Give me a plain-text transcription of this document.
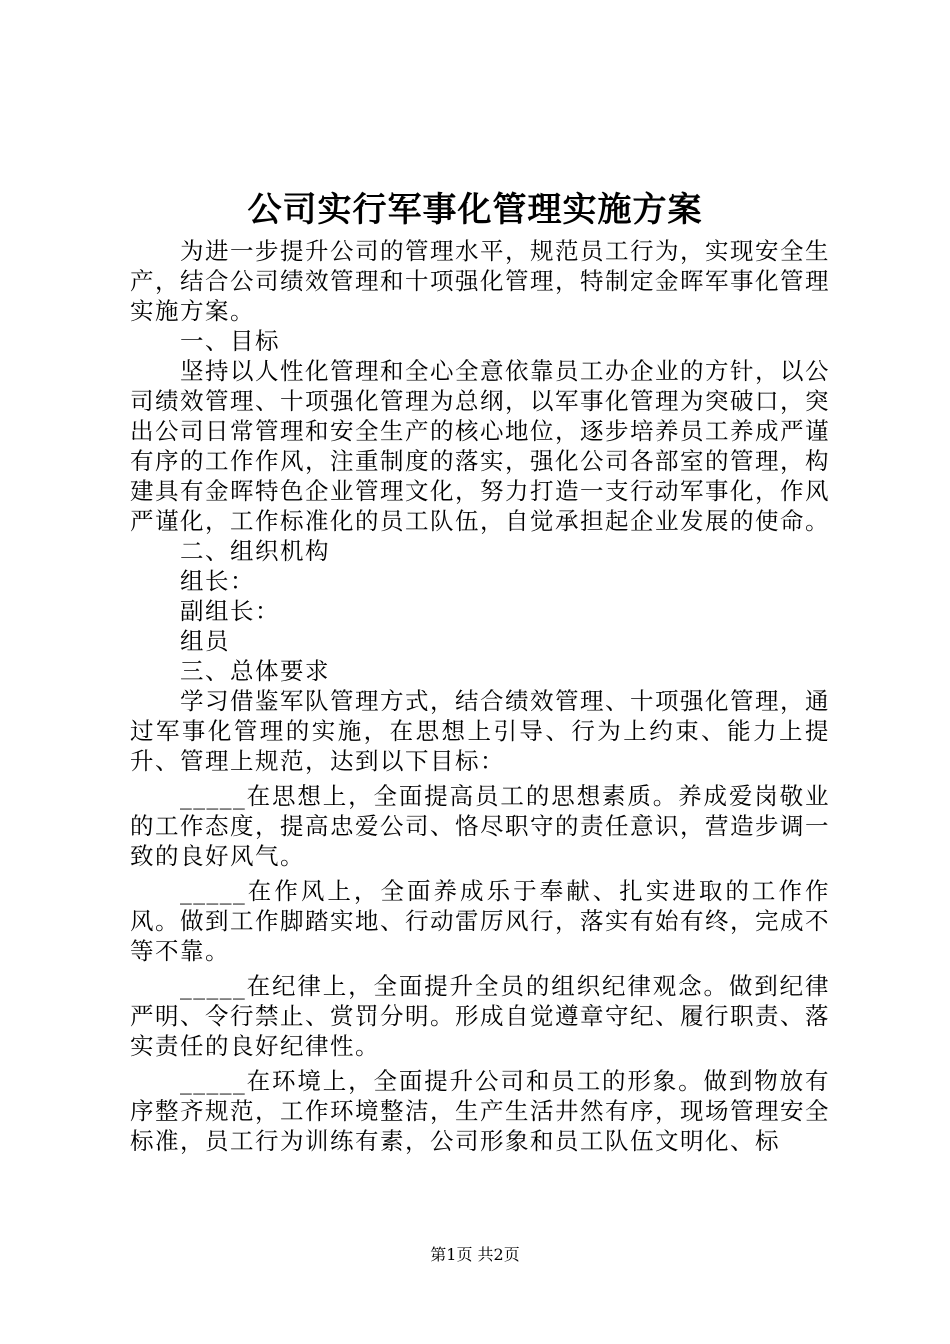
公司实行军事化管理实施方案

为进一步提升公司的管理水平，规范员工行为，实现安全生产，结合公司绩效管理和十项强化管理，特制定金晖军事化管理实施方案。

一、目标

坚持以人性化管理和全心全意依靠员工办企业的方针，以公司绩效管理、十项强化管理为总纲，以军事化管理为突破口，突出公司日常管理和安全生产的核心地位，逐步培养员工养成严谨有序的工作作风，注重制度的落实，强化公司各部室的管理，构建具有金晖特色企业管理文化，努力打造一支行动军事化，作风严谨化，工作标准化的员工队伍，自觉承担起企业发展的使命。

二、组织机构

组长：

副组长：

组员

三、总体要求

学习借鉴军队管理方式，结合绩效管理、十项强化管理，通过军事化管理的实施，在思想上引导、行为上约束、能力上提升、管理上规范，达到以下目标：

_____在思想上，全面提高员工的思想素质。养成爱岗敬业的工作态度，提高忠爱公司、恪尽职守的责任意识，营造步调一致的良好风气。

_____在作风上，全面养成乐于奉献、扎实进取的工作作风。做到工作脚踏实地、行动雷厉风行，落实有始有终，完成不等不靠。

_____在纪律上，全面提升全员的组织纪律观念。做到纪律严明、令行禁止、赏罚分明。形成自觉遵章守纪、履行职责、落实责任的良好纪律性。

_____在环境上，全面提升公司和员工的形象。做到物放有序整齐规范，工作环境整洁，生产生活井然有序，现场管理安全标准，员工行为训练有素，公司形象和员工队伍文明化、标

第1页 共2页
